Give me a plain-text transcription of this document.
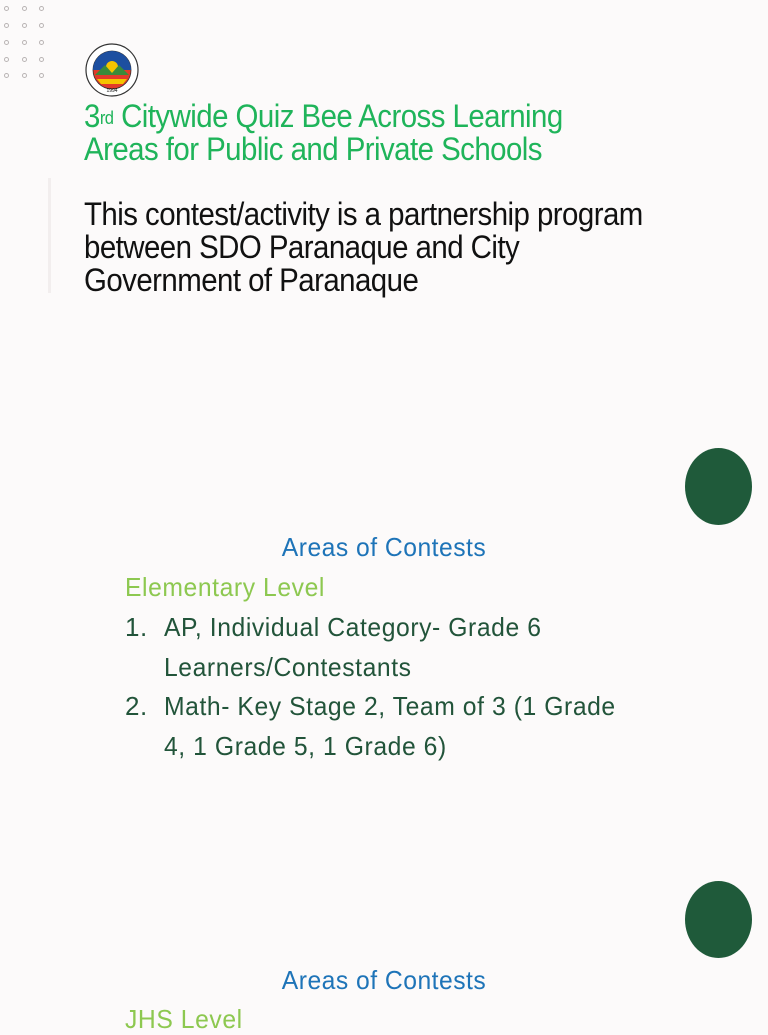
1994
3rd Citywide Quiz Bee Across Learning Areas for Public and Private Schools
This contest/activity is a partnership program between SDO Paranaque and City Government of Paranaque
Areas of Contests
Elementary Level
1. AP, Individual Category- Grade 6 Learners/Contestants
2. Math- Key Stage 2, Team of 3 (1 Grade 4, 1 Grade 5, 1 Grade 6)
Areas of Contests
JHS Level
